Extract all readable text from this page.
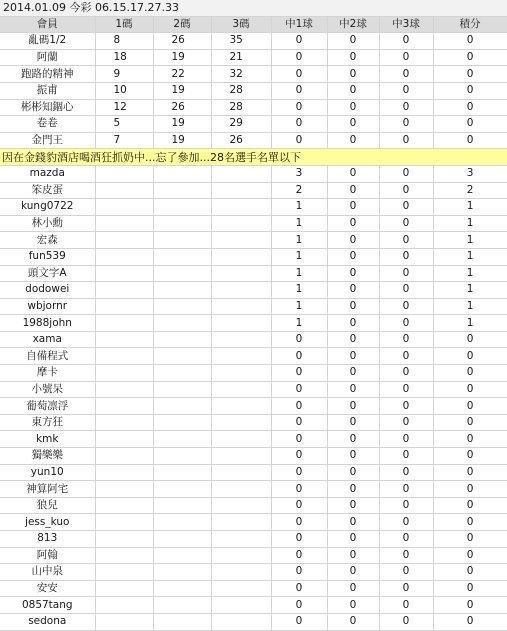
2014.01.09 今彩 06.15.17.27.33							
會員	1碼	2碼	3碼	中1球	中2球	中3球	積分
亂碼1/2	8	26	35	0	0	0	0
阿蘭	18	19	21	0	0	0	0
跑路的精神	9	22	32	0	0	0	0
振甫	10	19	28	0	0	0	0
彬彬知錮心	12	26	28	0	0	0	0
卷卷	5	19	29	0	0	0	0
金門王	7	19	26	0	0	0	0
因在金錢豹酒店喝酒狂抓奶中...忘了參加...28名選手名單以下							
mazda				3	0	0	3
笨皮蛋				2	0	0	2
kung0722				1	0	0	1
林小勳				1	0	0	1
宏森				1	0	0	1
fun539				1	0	0	1
頭文字A				1	0	0	1
dodowei				1	0	0	1
wbjornr				1	0	0	1
1988john				1	0	0	1
xama				0	0	0	0
自備程式				0	0	0	0
摩卡				0	0	0	0
小號呆				0	0	0	0
葡萄凛浮				0	0	0	0
東方狂				0	0	0	0
kmk				0	0	0	0
獨樂樂				0	0	0	0
yun10				0	0	0	0
神算阿宅				0	0	0	0
狼兒				0	0	0	0
jess_kuo				0	0	0	0
813				0	0	0	0
阿翰				0	0	0	0
山中泉				0	0	0	0
安安				0	0	0	0
0857tang				0	0	0	0
sedona				0	0	0	0
